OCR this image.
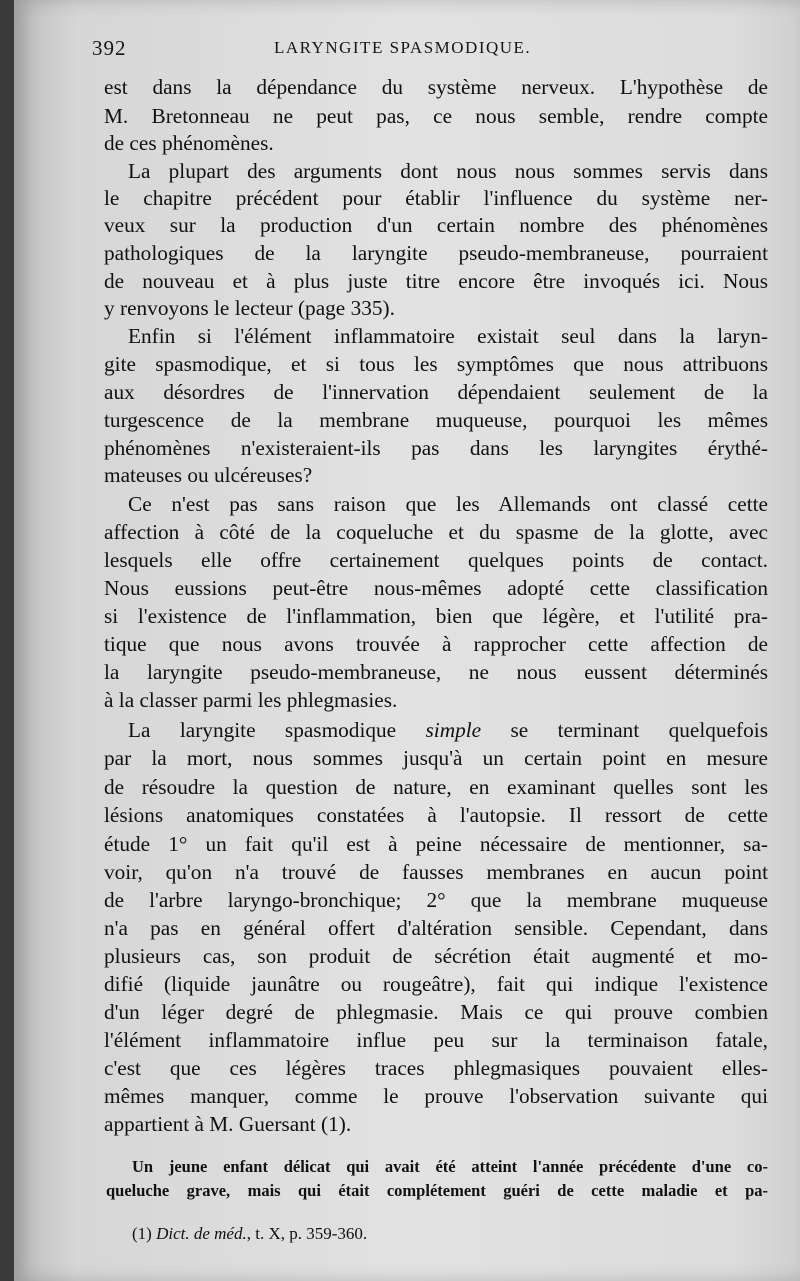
392	LARYNGITE SPASMODIQUE.
est dans la dépendance du système nerveux. L'hypothèse de
M. Bretonneau ne peut pas, ce nous semble, rendre compte
de ces phénomènes.
La plupart des arguments dont nous nous sommes servis dans
le chapitre précédent pour établir l'influence du système ner-
veux sur la production d'un certain nombre des phénomènes
pathologiques de la laryngite pseudo-membraneuse, pourraient
de nouveau et à plus juste titre encore être invoqués ici. Nous
y renvoyons le lecteur (page 335).
Enfin si l'élément inflammatoire existait seul dans la laryn-
gite spasmodique, et si tous les symptômes que nous attribuons
aux désordres de l'innervation dépendaient seulement de la
turgescence de la membrane muqueuse, pourquoi les mêmes
phénomènes n'existeraient-ils pas dans les laryngites érythé-
mateuses ou ulcéreuses?
Ce n'est pas sans raison que les Allemands ont classé cette
affection à côté de la coqueluche et du spasme de la glotte, avec
lesquels elle offre certainement quelques points de contact.
Nous eussions peut-être nous-mêmes adopté cette classification
si l'existence de l'inflammation, bien que légère, et l'utilité pra-
tique que nous avons trouvée à rapprocher cette affection de
la laryngite pseudo-membraneuse, ne nous eussent déterminés
à la classer parmi les phlegmasies.
La laryngite spasmodique simple se terminant quelquefois
par la mort, nous sommes jusqu'à un certain point en mesure
de résoudre la question de nature, en examinant quelles sont les
lésions anatomiques constatées à l'autopsie. Il ressort de cette
étude 1° un fait qu'il est à peine nécessaire de mentionner, sa-
voir, qu'on n'a trouvé de fausses membranes en aucun point
de l'arbre laryngo-bronchique; 2° que la membrane muqueuse
n'a pas en général offert d'altération sensible. Cependant, dans
plusieurs cas, son produit de sécrétion était augmenté et mo-
difié (liquide jaunâtre ou rougeâtre), fait qui indique l'existence
d'un léger degré de phlegmasie. Mais ce qui prouve combien
l'élément inflammatoire influe peu sur la terminaison fatale,
c'est que ces légères traces phlegmasiques pouvaient elles-
mêmes manquer, comme le prouve l'observation suivante qui
appartient à M. Guersant (1).
Un jeune enfant délicat qui avait été atteint l'année précédente d'une co-
queluche grave, mais qui était complétement guéri de cette maladie et pa-
(1) Dict. de méd., t. X, p. 359-360.
